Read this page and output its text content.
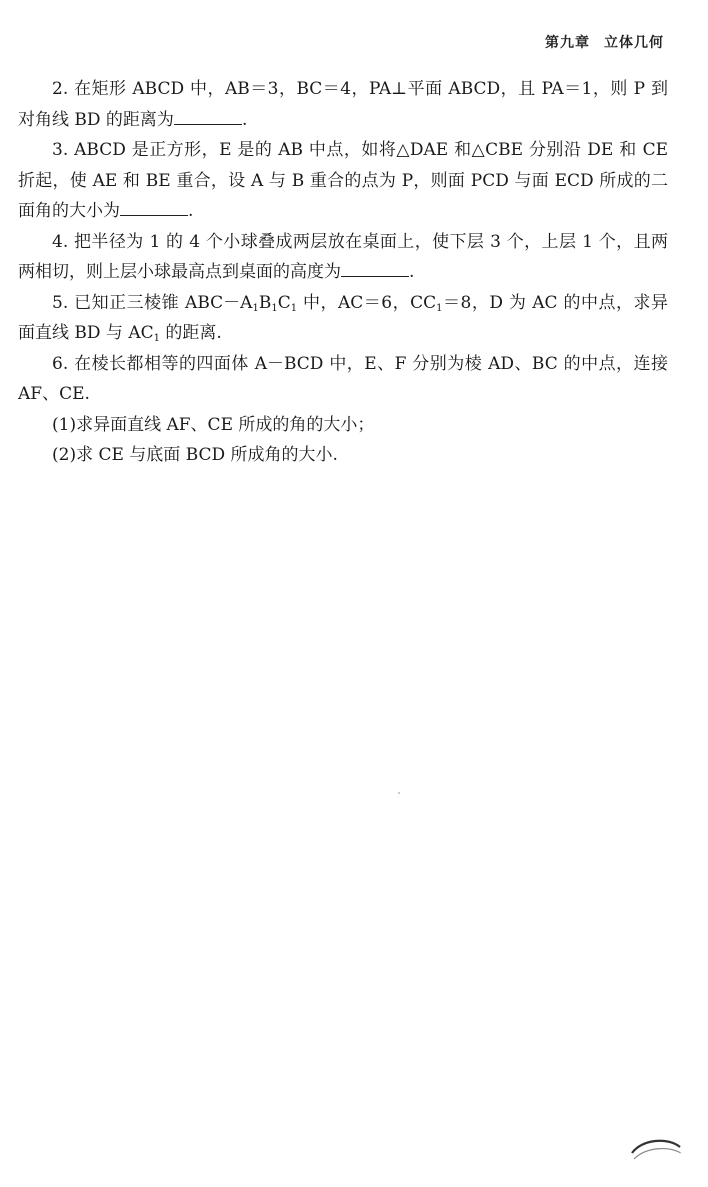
第九章 立体几何

2. 在矩形 ABCD 中，AB＝3，BC＝4，PA⊥平面 ABCD，且 PA＝1，则 P 到对角线 BD 的距离为	.

3. ABCD 是正方形，E 是的 AB 中点，如将△DAE 和△CBE 分别沿 DE 和 CE 折起，使 AE 和 BE 重合，设 A 与 B 重合的点为 P，则面 PCD 与面 ECD 所成的二面角的大小为	.

4. 把半径为 1 的 4 个小球叠成两层放在桌面上，使下层 3 个，上层 1 个，且两两相切，则上层小球最高点到桌面的高度为	.

5. 已知正三棱锥 $ABC-A_1B_1C_1$ 中，AC＝6，$CC_1=8$，D 为 AC 的中点，求异面直线 BD 与 $AC_1$ 的距离.

6. 在棱长都相等的四面体 A－BCD 中，E、F 分别为棱 AD、BC 的中点，连接 AF、CE.

(1)求异面直线 AF、CE 所成的角的大小；

(2)求 CE 与底面 BCD 所成角的大小.
